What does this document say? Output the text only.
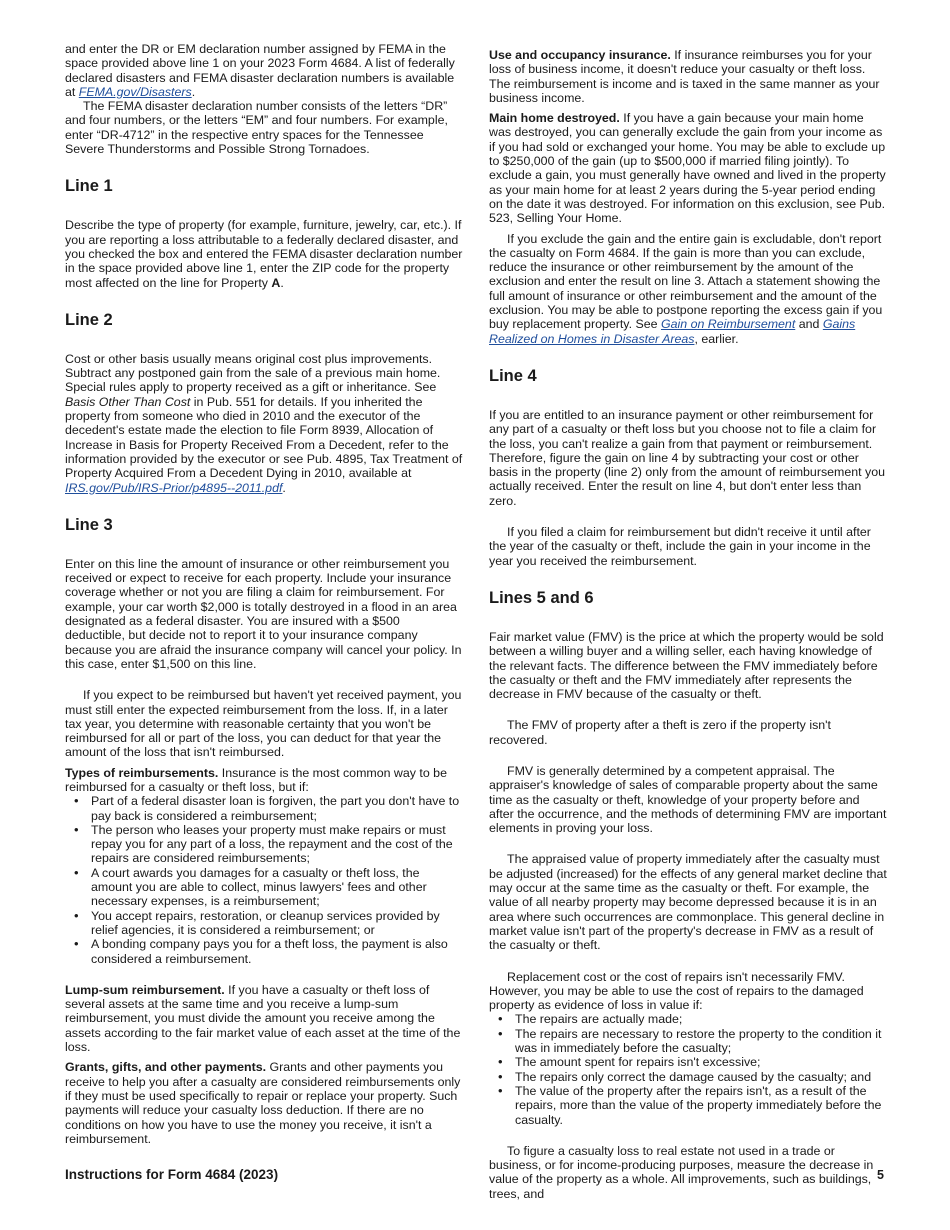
and enter the DR or EM declaration number assigned by FEMA in the space provided above line 1 on your 2023 Form 4684. A list of federally declared disasters and FEMA disaster declaration numbers is available at FEMA.gov/Disasters.

The FEMA disaster declaration number consists of the letters “DR” and four numbers, or the letters “EM” and four numbers. For example, enter “DR-4712” in the respective entry spaces for the Tennessee Severe Thunderstorms and Possible Strong Tornadoes.

Line 1

Describe the type of property (for example, furniture, jewelry, car, etc.). If you are reporting a loss attributable to a federally declared disaster, and you checked the box and entered the FEMA disaster declaration number in the space provided above line 1, enter the ZIP code for the property most affected on the line for Property A.

Line 2

Cost or other basis usually means original cost plus improvements. Subtract any postponed gain from the sale of a previous main home. Special rules apply to property received as a gift or inheritance. See Basis Other Than Cost in Pub. 551 for details. If you inherited the property from someone who died in 2010 and the executor of the decedent's estate made the election to file Form 8939, Allocation of Increase in Basis for Property Received From a Decedent, refer to the information provided by the executor or see Pub. 4895, Tax Treatment of Property Acquired From a Decedent Dying in 2010, available at IRS.gov/Pub/IRS-Prior/p4895--2011.pdf.

Line 3

Enter on this line the amount of insurance or other reimbursement you received or expect to receive for each property. Include your insurance coverage whether or not you are filing a claim for reimbursement. For example, your car worth $2,000 is totally destroyed in a flood in an area designated as a federal disaster. You are insured with a $500 deductible, but decide not to report it to your insurance company because you are afraid the insurance company will cancel your policy. In this case, enter $1,500 on this line.

If you expect to be reimbursed but haven't yet received payment, you must still enter the expected reimbursement from the loss. If, in a later tax year, you determine with reasonable certainty that you won't be reimbursed for all or part of the loss, you can deduct for that year the amount of the loss that isn't reimbursed.

Types of reimbursements. Insurance is the most common way to be reimbursed for a casualty or theft loss, but if:

• Part of a federal disaster loan is forgiven, the part you don't have to pay back is considered a reimbursement;
• The person who leases your property must make repairs or must repay you for any part of a loss, the repayment and the cost of the repairs are considered reimbursements;
• A court awards you damages for a casualty or theft loss, the amount you are able to collect, minus lawyers' fees and other necessary expenses, is a reimbursement;
• You accept repairs, restoration, or cleanup services provided by relief agencies, it is considered a reimbursement; or
• A bonding company pays you for a theft loss, the payment is also considered a reimbursement.

Lump-sum reimbursement. If you have a casualty or theft loss of several assets at the same time and you receive a lump-sum reimbursement, you must divide the amount you receive among the assets according to the fair market value of each asset at the time of the loss.

Grants, gifts, and other payments. Grants and other payments you receive to help you after a casualty are considered reimbursements only if they must be used specifically to repair or replace your property. Such payments will reduce your casualty loss deduction. If there are no conditions on how you have to use the money you receive, it isn't a reimbursement.

Use and occupancy insurance. If insurance reimburses you for your loss of business income, it doesn't reduce your casualty or theft loss. The reimbursement is income and is taxed in the same manner as your business income.

Main home destroyed. If you have a gain because your main home was destroyed, you can generally exclude the gain from your income as if you had sold or exchanged your home. You may be able to exclude up to $250,000 of the gain (up to $500,000 if married filing jointly). To exclude a gain, you must generally have owned and lived in the property as your main home for at least 2 years during the 5-year period ending on the date it was destroyed. For information on this exclusion, see Pub. 523, Selling Your Home.

If you exclude the gain and the entire gain is excludable, don't report the casualty on Form 4684. If the gain is more than you can exclude, reduce the insurance or other reimbursement by the amount of the exclusion and enter the result on line 3. Attach a statement showing the full amount of insurance or other reimbursement and the amount of the exclusion. You may be able to postpone reporting the excess gain if you buy replacement property. See Gain on Reimbursement and Gains Realized on Homes in Disaster Areas, earlier.

Line 4

If you are entitled to an insurance payment or other reimbursement for any part of a casualty or theft loss but you choose not to file a claim for the loss, you can't realize a gain from that payment or reimbursement. Therefore, figure the gain on line 4 by subtracting your cost or other basis in the property (line 2) only from the amount of reimbursement you actually received. Enter the result on line 4, but don't enter less than zero.

If you filed a claim for reimbursement but didn't receive it until after the year of the casualty or theft, include the gain in your income in the year you received the reimbursement.

Lines 5 and 6

Fair market value (FMV) is the price at which the property would be sold between a willing buyer and a willing seller, each having knowledge of the relevant facts. The difference between the FMV immediately before the casualty or theft and the FMV immediately after represents the decrease in FMV because of the casualty or theft.

The FMV of property after a theft is zero if the property isn't recovered.

FMV is generally determined by a competent appraisal. The appraiser's knowledge of sales of comparable property about the same time as the casualty or theft, knowledge of your property before and after the occurrence, and the methods of determining FMV are important elements in proving your loss.

The appraised value of property immediately after the casualty must be adjusted (increased) for the effects of any general market decline that may occur at the same time as the casualty or theft. For example, the value of all nearby property may become depressed because it is in an area where such occurrences are commonplace. This general decline in market value isn't part of the property's decrease in FMV as a result of the casualty or theft.

Replacement cost or the cost of repairs isn't necessarily FMV. However, you may be able to use the cost of repairs to the damaged property as evidence of loss in value if:

• The repairs are actually made;
• The repairs are necessary to restore the property to the condition it was in immediately before the casualty;
• The amount spent for repairs isn't excessive;
• The repairs only correct the damage caused by the casualty; and
• The value of the property after the repairs isn't, as a result of the repairs, more than the value of the property immediately before the casualty.

To figure a casualty loss to real estate not used in a trade or business, or for income-producing purposes, measure the decrease in value of the property as a whole. All improvements, such as buildings, trees, and

Instructions for Form 4684 (2023)	5
